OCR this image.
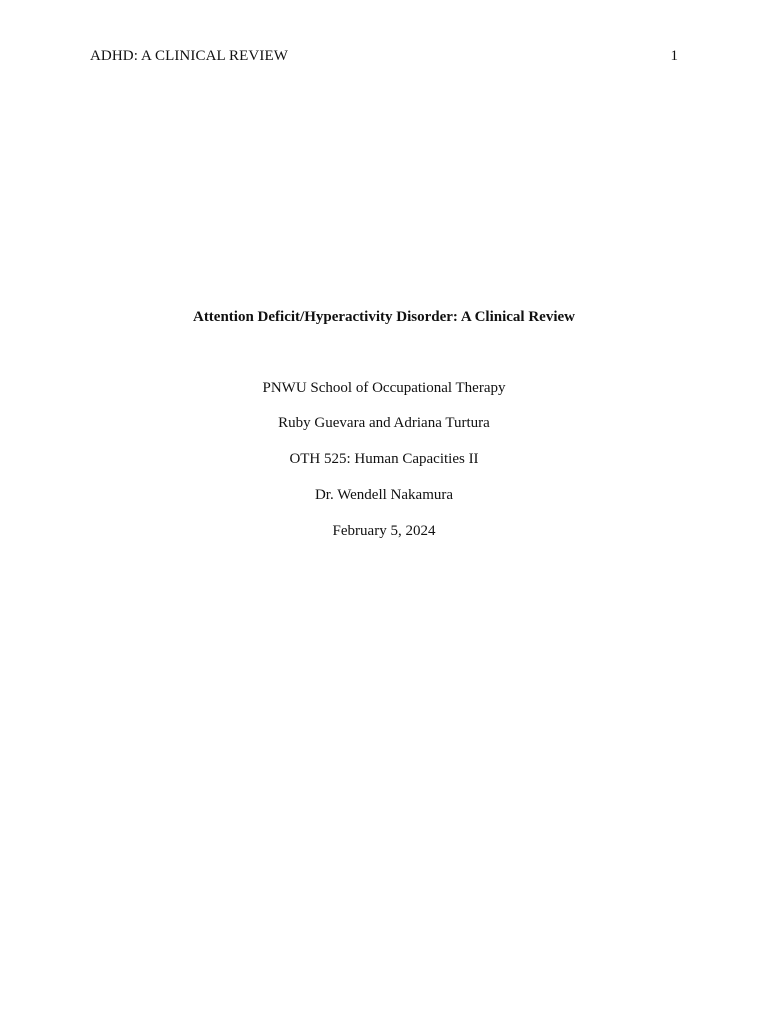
ADHD: A CLINICAL REVIEW	1
Attention Deficit/Hyperactivity Disorder: A Clinical Review
PNWU School of Occupational Therapy
Ruby Guevara and Adriana Turtura
OTH 525: Human Capacities II
Dr. Wendell Nakamura
February 5, 2024
